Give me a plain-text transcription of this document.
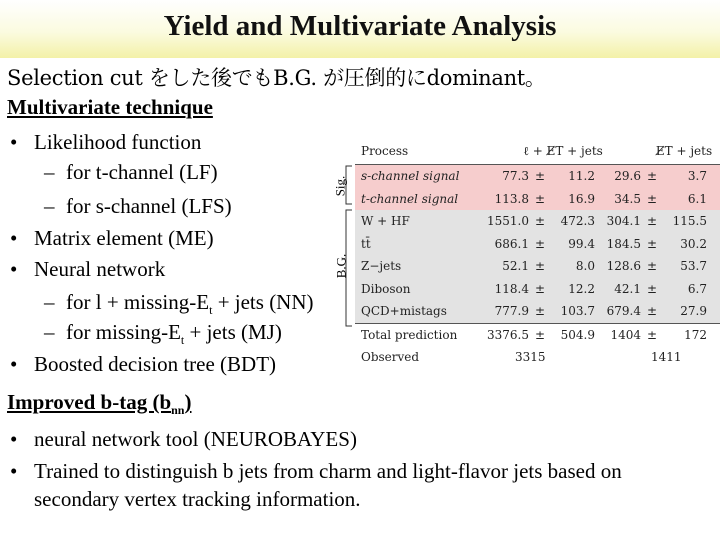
Yield and Multivariate Analysis
Selection cut をした後でもB.G. が圧倒的にdominant。
Multivariate technique
• Likelihood function
– for t-channel (LF)
– for s-channel (LFS)
• Matrix element (ME)
• Neural network
– for l + missing-$E_t$ + jets (NN)
– for missing-$E_t$ + jets (MJ)
• Boosted decision tree (BDT)
Improved b-tag $(b_{nn})$
• neural network tool (NEUROBAYES)
• Trained to distinguish b jets from charm and light-flavor jets based on
secondary vertex tracking information.
Sig.
B.G.
Process	ℓ + E̸T + jets	E̸T + jets
s-channel signal	77.3 ±	11.2	29.6 ±	3.7
t-channel signal	113.8 ±	16.9	34.5 ±	6.1
W + HF	1551.0 ±	472.3 304.1 ±	115.5
tt̄	686.1 ±	99.4 184.5 ±	30.2
Z−jets	52.1 ±	8.0 128.6 ±	53.7
Diboson	118.4 ±	12.2	42.1 ±	6.7
QCD+mistags	777.9 ±	103.7 679.4 ±	27.9
Total prediction	3376.5 ±	504.9	1404 ±	172
Observed	3315	1411
